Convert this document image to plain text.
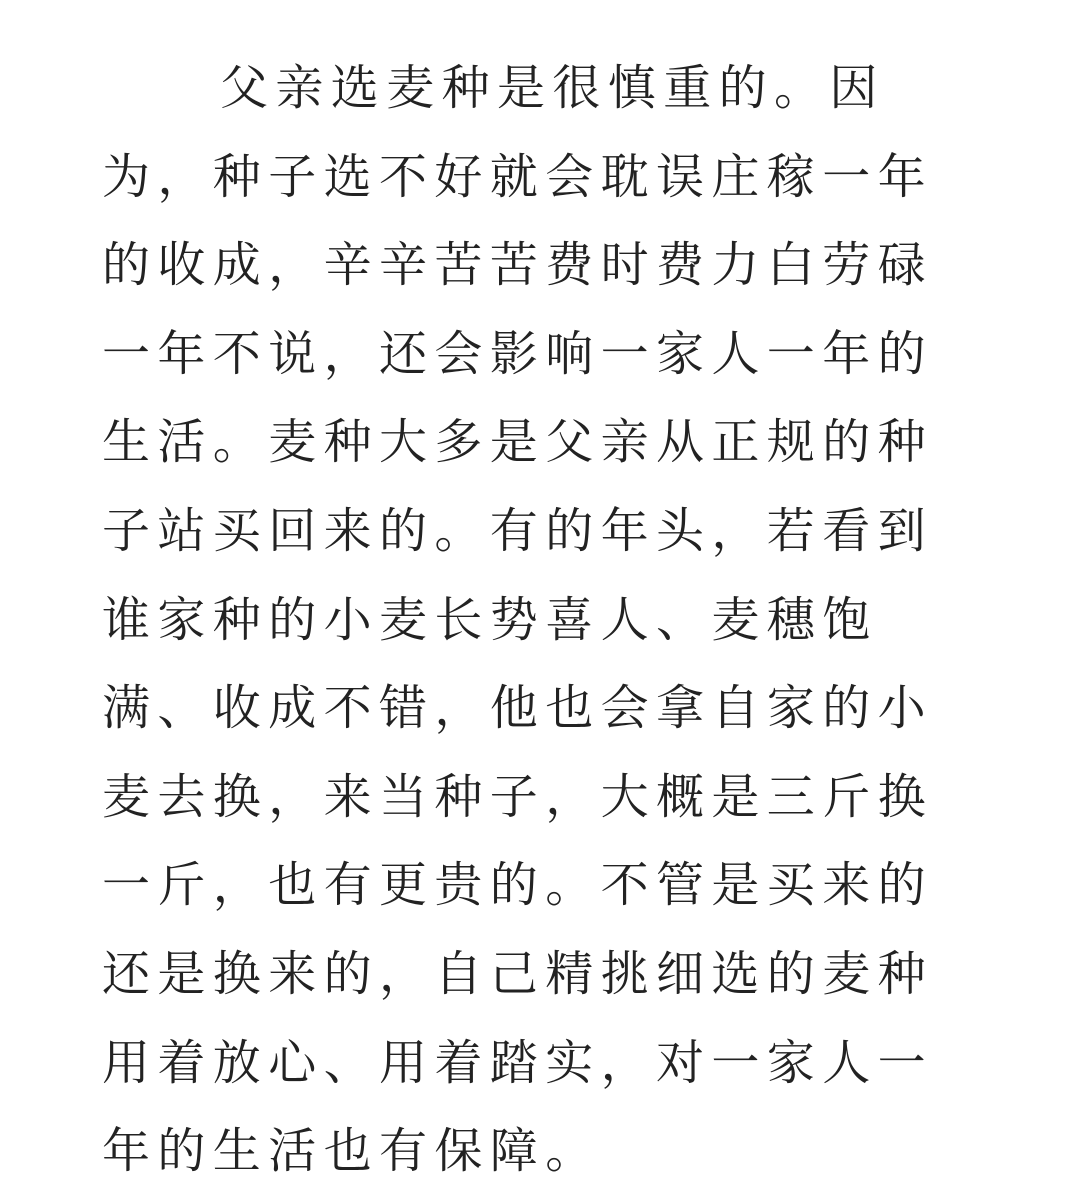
父亲选麦种是很慎重的。因
为，种子选不好就会耽误庄稼一年
的收成，辛辛苦苦费时费力白劳碌
一年不说，还会影响一家人一年的
生活。麦种大多是父亲从正规的种
子站买回来的。有的年头，若看到
谁家种的小麦长势喜人、麦穗饱
满、收成不错，他也会拿自家的小
麦去换，来当种子，大概是三斤换
一斤，也有更贵的。不管是买来的
还是换来的，自己精挑细选的麦种
用着放心、用着踏实，对一家人一
年的生活也有保障。
